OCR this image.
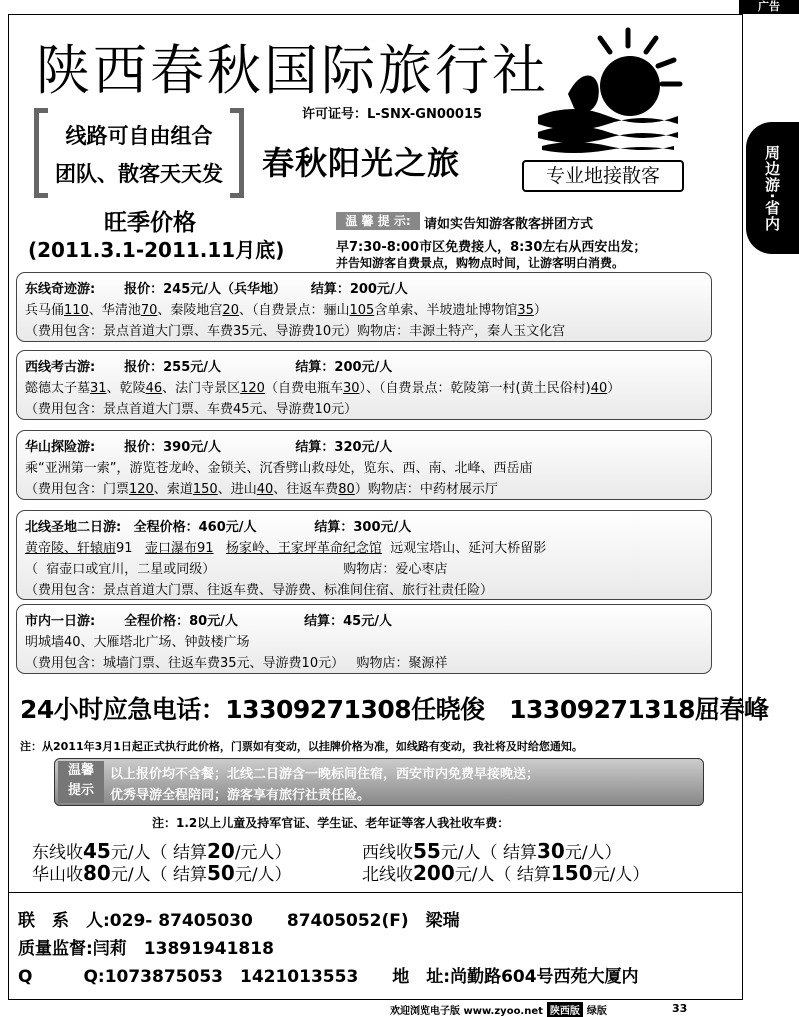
广告
陕西春秋国际旅行社
许可证号：L-SNX-GN00015
线路可自由组合
团队、散客天天发 春秋阳光之旅	专业地接散客	周边游·省内
旺季价格
(2011.3.1-2011.11月底)
温 馨 提 示:	请如实告知游客散客拼团方式
早7:30-8:00市区免费接人，8:30左右从西安出发；
并告知游客自费景点，购物点时间，让游客明白消费。
东线奇迹游: 报价：245元/人（兵华地） 结算：200元/人
兵马俑110、华清池70、秦陵地宫20、（自费景点：骊山105含单索、半坡遗址博物馆35）
（费用包含：景点首道大门票、车费35元、导游费10元）购物店：丰源土特产，秦人玉文化宫
西线考古游: 报价：255元/人	结算：200元/人
懿德太子墓31、乾陵46、法门寺景区120（自费电瓶车30）、（自费景点：乾陵第一村(黄土民俗村)40）
（费用包含：景点首道大门票、车费45元、导游费10元）
华山探险游: 报价：390元/人	结算：320元/人
乘“亚洲第一索”，游览苍龙岭、金锁关、沉香劈山救母处，览东、西、南、北峰、西岳庙
（费用包含：门票120、索道150、进山40、往返车费80）购物店：中药材展示厅
北线圣地二日游: 全程价格：460元/人	结算：300元/人
黄帝陵、轩辕庙91   壶口瀑布91 杨家岭、王家坪革命纪念馆  远观宝塔山、延河大桥留影
（  宿壶口或宜川，二星或同级）                               购物店：爱心枣店
（费用包含：景点首道大门票、往返车费、导游费、标准间住宿、旅行社责任险）
市内一日游: 全程价格：80元/人	结算：45元/人
明城墙40、大雁塔北广场、钟鼓楼广场
（费用包含：城墙门票、往返车费35元、导游费10元）   购物店：聚源祥
24小时应急电话：13309271308任晓俊　13309271318屈春峰
注：从2011年3月1日起正式执行此价格，门票如有变动，以挂牌价格为准，如线路有变动，我社将及时给您通知。
温馨
提示
以上报价均不含餐；北线二日游含一晚标间住宿，西安市内免费早接晚送；
优秀导游全程陪同；游客享有旅行社责任险。
注：1.2以上儿童及持军官证、学生证、老年证等客人我社收车费：
东线收45元/人（ 结算20/元人）	西线收55元/人（ 结算30元/人）
华山收80元/人（ 结算50元/人）	北线收200元/人（ 结算150元/人）
联　系　人:029- 87405030　　87405052(F)　梁瑞
质量监督:闫莉　13891941818
Q　　　Q:1073875053　1421013553　　地　址:尚勤路604号西苑大厦内
欢迎浏览电子版 www.zyoo.net 陕西版 绿版	33
